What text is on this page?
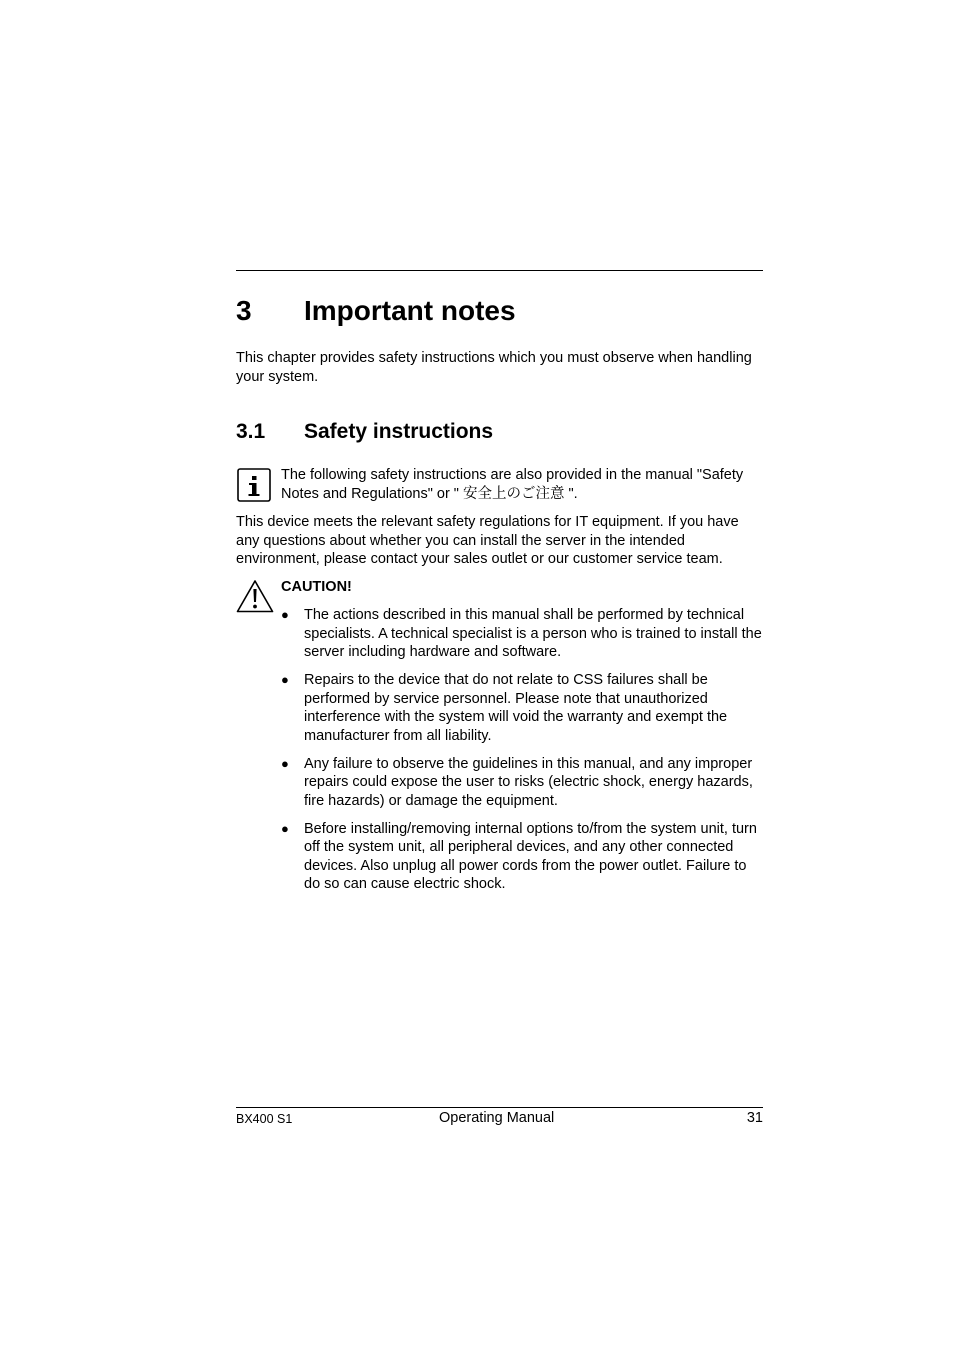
3 Important notes
This chapter provides safety instructions which you must observe when handling your system.
3.1 Safety instructions
The following safety instructions are also provided in the manual "Safety Notes and Regulations" or " 安全上のご注意 ".
This device meets the relevant safety regulations for IT equipment. If you have any questions about whether you can install the server in the intended environment, please contact your sales outlet or our customer service team.
CAUTION!
● The actions described in this manual shall be performed by technical specialists. A technical specialist is a person who is trained to install the server including hardware and software.
● Repairs to the device that do not relate to CSS failures shall be performed by service personnel. Please note that unauthorized interference with the system will void the warranty and exempt the manufacturer from all liability.
● Any failure to observe the guidelines in this manual, and any improper repairs could expose the user to risks (electric shock, energy hazards, fire hazards) or damage the equipment.
● Before installing/removing internal options to/from the system unit, turn off the system unit, all peripheral devices, and any other connected devices. Also unplug all power cords from the power outlet. Failure to do so can cause electric shock.
BX400 S1	Operating Manual	31
